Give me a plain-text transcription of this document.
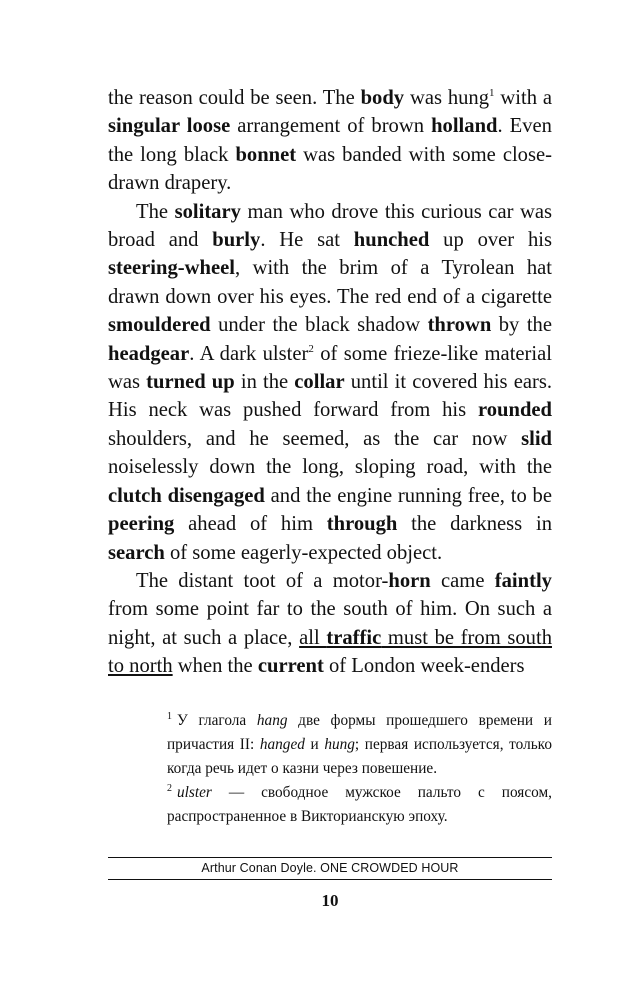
the reason could be seen. The body was hung$^1$ with a singular loose arrangement of brown holland. Even the long black bonnet was banded with some close-drawn drapery.

The solitary man who drove this curious car was broad and burly. He sat hunched up over his steering-wheel, with the brim of a Tyrolean hat drawn down over his eyes. The red end of a cigarette smouldered under the black shadow thrown by the headgear. A dark ulster$^2$ of some frieze-like material was turned up in the collar until it covered his ears. His neck was pushed forward from his rounded shoulders, and he seemed, as the car now slid noiselessly down the long, sloping road, with the clutch disengaged and the engine running free, to be peering ahead of him through the darkness in search of some eagerly-expected object.

The distant toot of a motor-horn came faintly from some point far to the south of him. On such a night, at such a place, all traffic must be from south to north when the current of London week-enders

$^1$ У глагола hang две формы прошедшего времени и причастия II: hanged и hung; первая используется, только когда речь идет о казни через повешение.

$^2$ ulster — свободное мужское пальто с поясом, распространенное в Викторианскую эпоху.

Arthur Conan Doyle. ONE CROWDED HOUR
10
